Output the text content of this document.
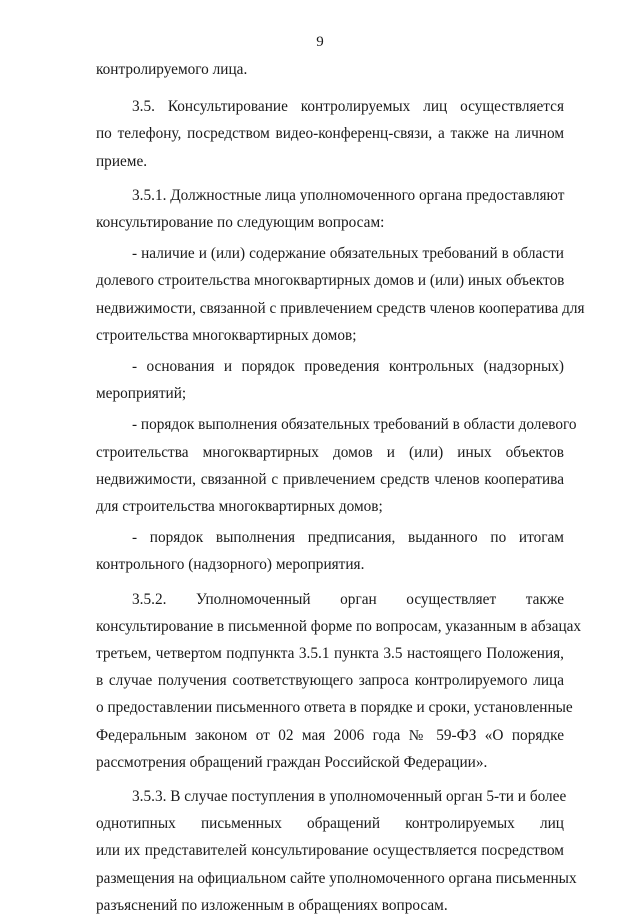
9
контролируемого лица.
3.5. Консультирование контролируемых лиц осуществляется
по телефону, посредством видео-конференц-связи, а также на личном
приеме.
3.5.1. Должностные лица уполномоченного органа предоставляют
консультирование по следующим вопросам:
- наличие и (или) содержание обязательных требований в области
долевого строительства многоквартирных домов и (или) иных объектов
недвижимости, связанной с привлечением средств членов кооператива для
строительства многоквартирных домов;
- основания и порядок проведения контрольных (надзорных)
мероприятий;
- порядок выполнения обязательных требований в области долевого
строительства многоквартирных домов и (или) иных объектов
недвижимости, связанной с привлечением средств членов кооператива
для строительства многоквартирных домов;
- порядок выполнения предписания, выданного по итогам
контрольного (надзорного) мероприятия.
3.5.2. Уполномоченный орган осуществляет также
консультирование в письменной форме по вопросам, указанным в абзацах
третьем, четвертом подпункта 3.5.1 пункта 3.5 настоящего Положения,
в случае получения соответствующего запроса контролируемого лица
о предоставлении письменного ответа в порядке и сроки, установленные
Федеральным законом от 02 мая 2006 года № 59-ФЗ «О порядке
рассмотрения обращений граждан Российской Федерации».
3.5.3. В случае поступления в уполномоченный орган 5-ти и более
однотипных письменных обращений контролируемых лиц
или их представителей консультирование осуществляется посредством
размещения на официальном сайте уполномоченного органа письменных
разъяснений по изложенным в обращениях вопросам.
